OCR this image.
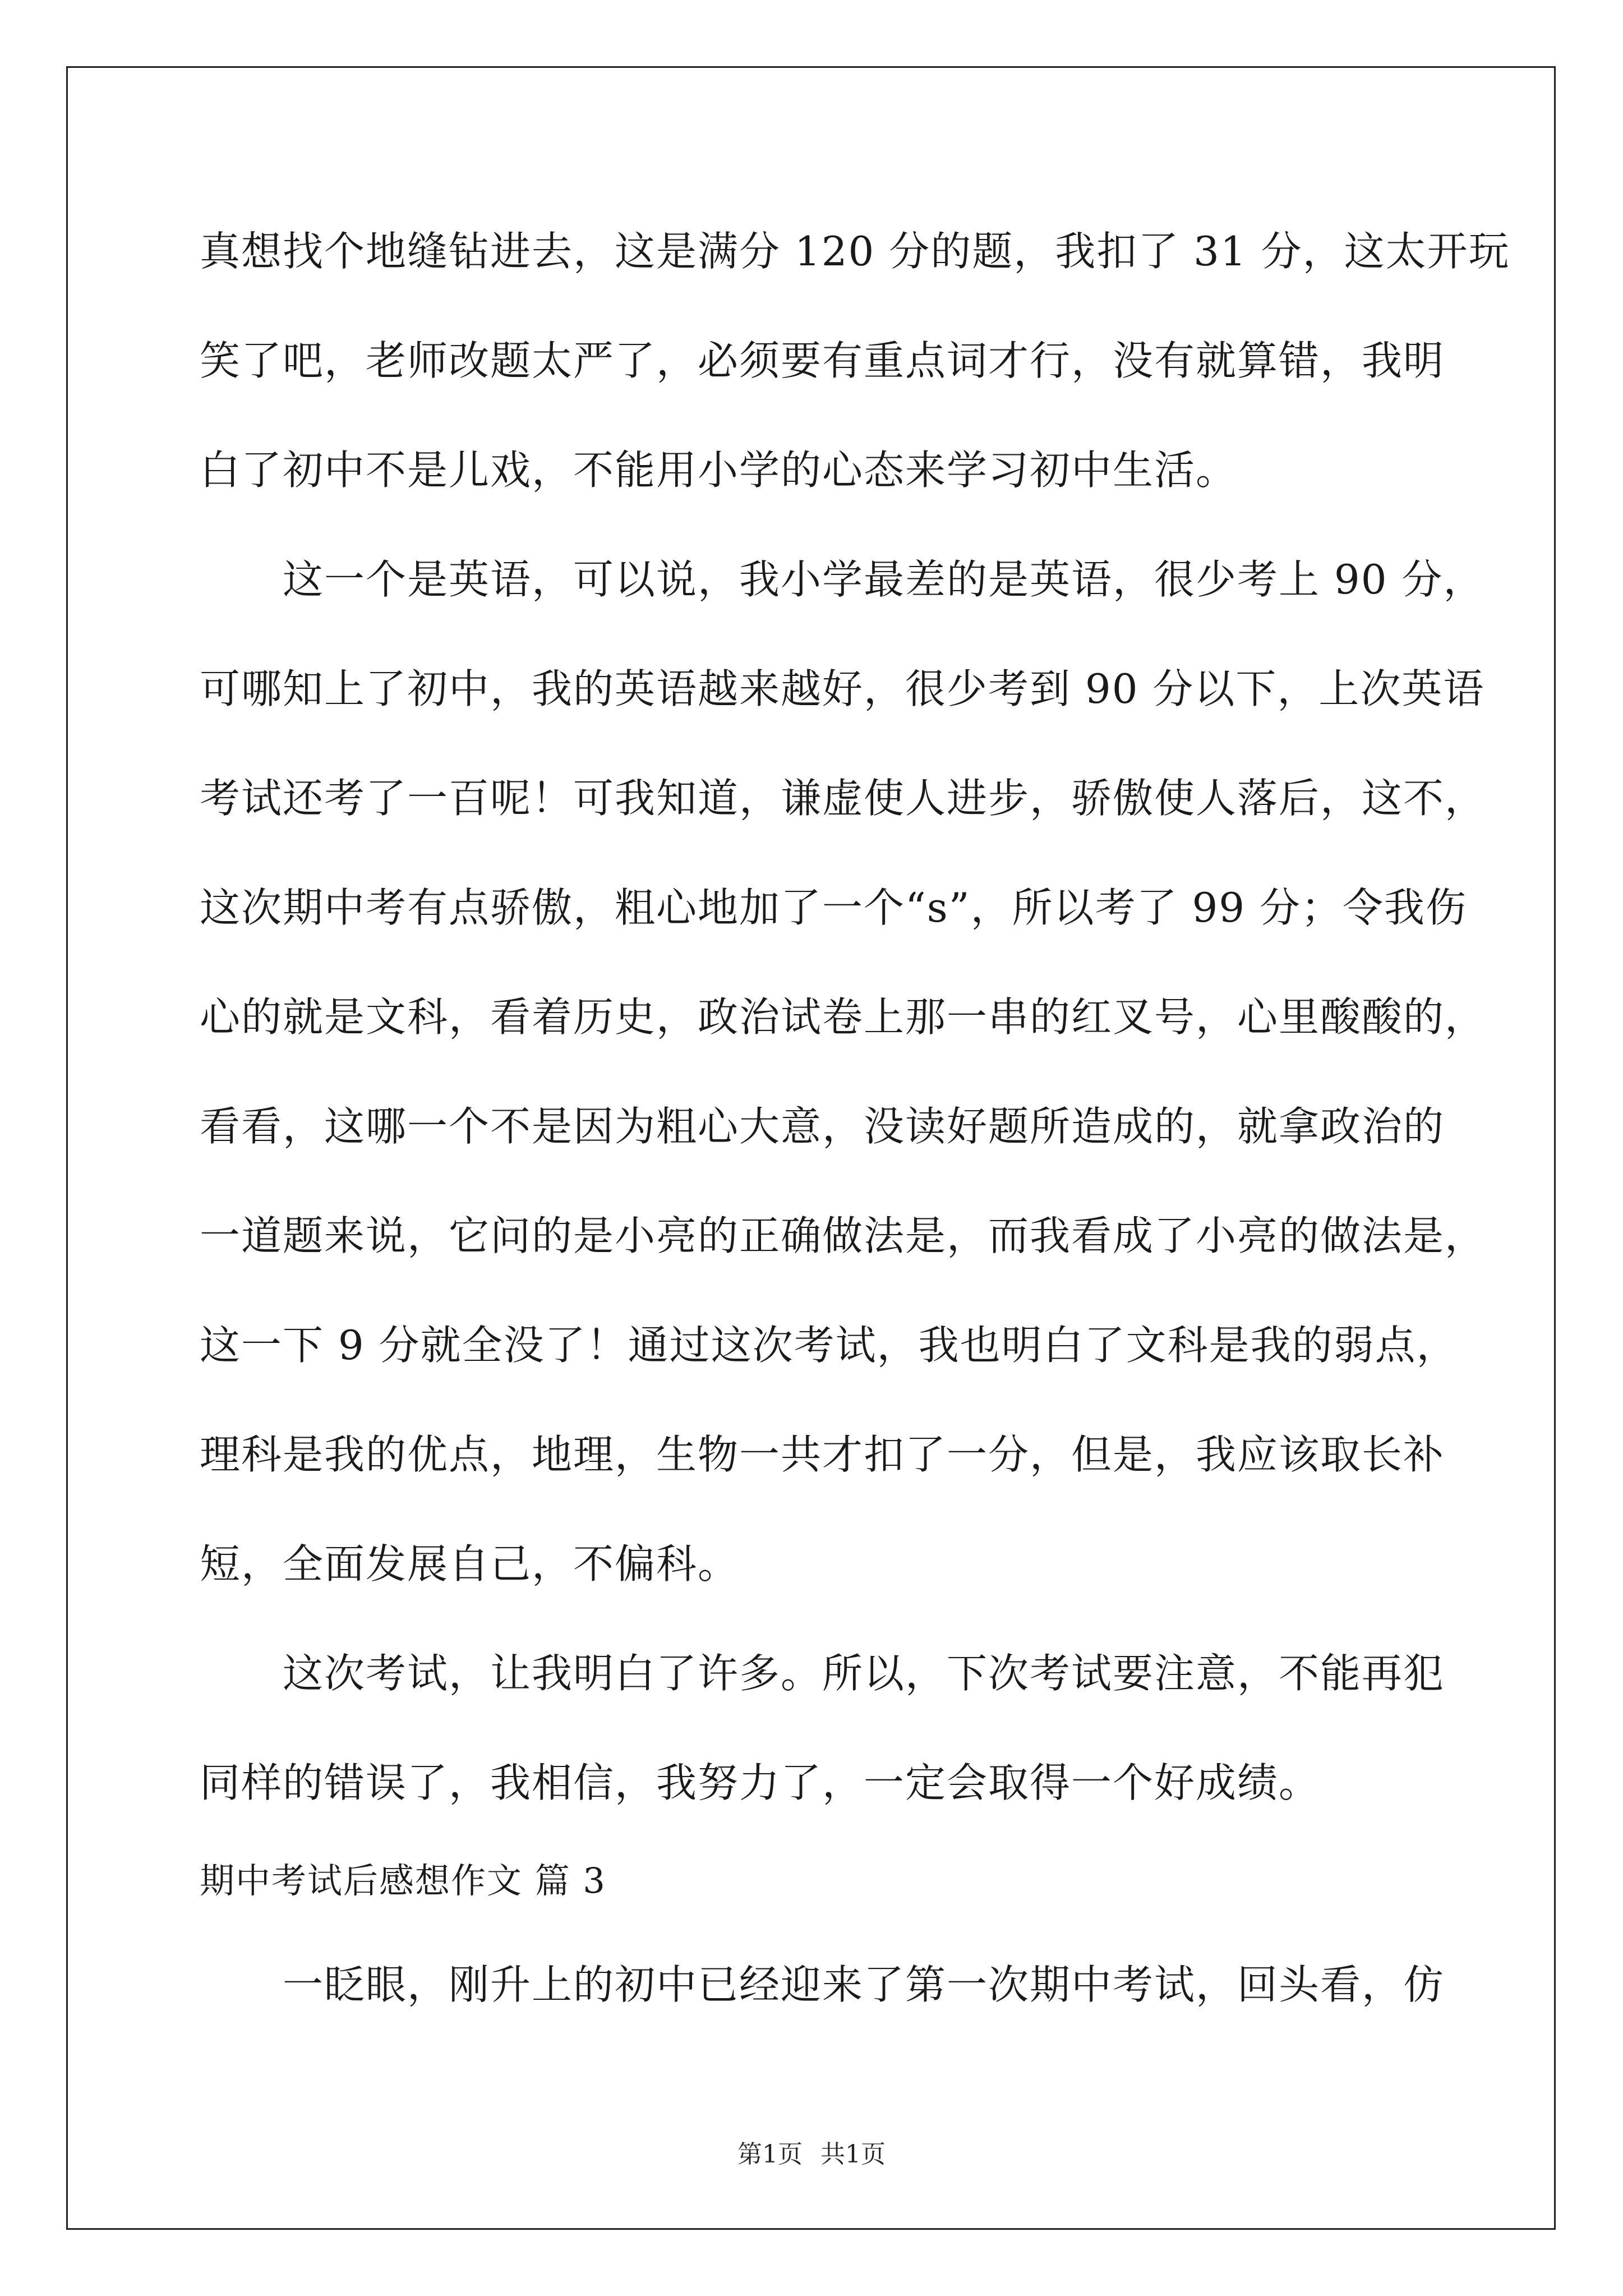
真想找个地缝钻进去，这是满分 120 分的题，我扣了 31 分，这太开玩
笑了吧，老师改题太严了，必须要有重点词才行，没有就算错，我明
白了初中不是儿戏，不能用小学的心态来学习初中生活。
这一个是英语，可以说，我小学最差的是英语，很少考上 90 分，
可哪知上了初中，我的英语越来越好，很少考到 90 分以下，上次英语
考试还考了一百呢！可我知道，谦虚使人进步，骄傲使人落后，这不，
这次期中考有点骄傲，粗心地加了一个“s”，所以考了 99 分；令我伤
心的就是文科，看着历史，政治试卷上那一串的红叉号，心里酸酸的，
看看，这哪一个不是因为粗心大意，没读好题所造成的，就拿政治的
一道题来说，它问的是小亮的正确做法是，而我看成了小亮的做法是，
这一下 9 分就全没了！通过这次考试，我也明白了文科是我的弱点，
理科是我的优点，地理，生物一共才扣了一分，但是，我应该取长补
短，全面发展自己，不偏科。
这次考试，让我明白了许多。所以，下次考试要注意，不能再犯
同样的错误了，我相信，我努力了，一定会取得一个好成绩。
期中考试后感想作文 篇 3
一眨眼，刚升上的初中已经迎来了第一次期中考试，回头看，仿
第1页 共1页
